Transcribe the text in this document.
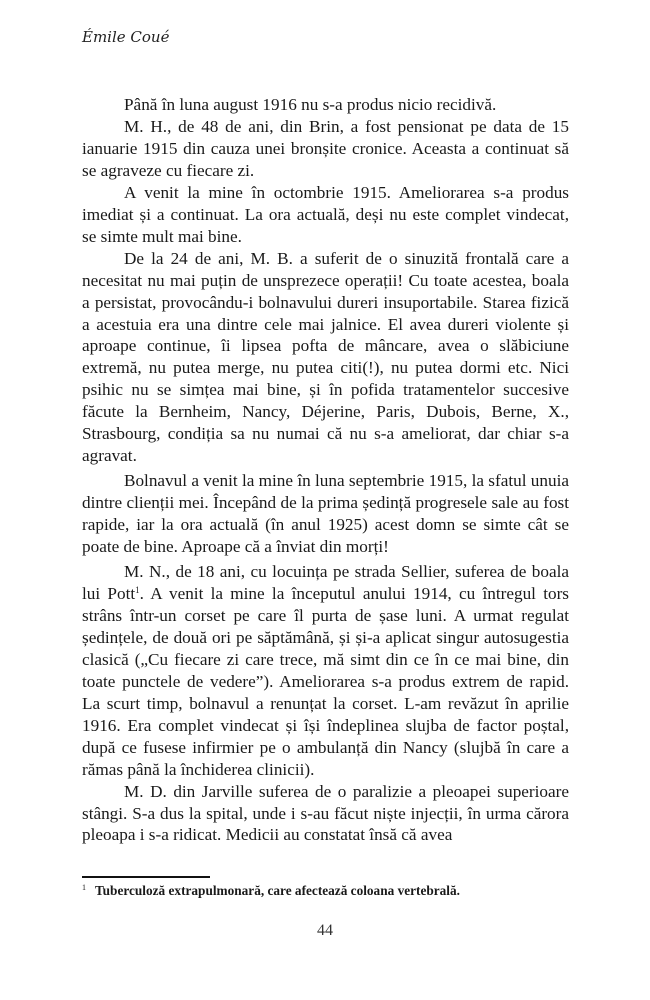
Émile Coué

Până în luna august 1916 nu s-a produs nicio recidivă.

M. H., de 48 de ani, din Brin, a fost pensionat pe data de 15 ianuarie 1915 din cauza unei bronșite cronice. Aceasta a continuat să se agraveze cu fiecare zi.

A venit la mine în octombrie 1915. Ameliorarea s-a produs imediat și a continuat. La ora actuală, deși nu este complet vindecat, se simte mult mai bine.

De la 24 de ani, M. B. a suferit de o sinuzită frontală care a necesitat nu mai puțin de unsprezece operații! Cu toate acestea, boala a persistat, provocându-i bolnavului dureri insuportabile. Starea fizică a acestuia era una dintre cele mai jalnice. El avea dureri violente și aproape continue, îi lipsea pofta de mâncare, avea o slăbiciune extremă, nu putea merge, nu putea citi(!), nu putea dormi etc. Nici psihic nu se simțea mai bine, și în pofida tratamentelor succesive făcute la Bernheim, Nancy, Déjerine, Paris, Dubois, Berne, X., Strasbourg, condiția sa nu numai că nu s-a ameliorat, dar chiar s-a agravat.

Bolnavul a venit la mine în luna septembrie 1915, la sfatul unuia dintre clienții mei. Începând de la prima ședință progresele sale au fost rapide, iar la ora actuală (în anul 1925) acest domn se simte cât se poate de bine. Aproape că a înviat din morți!

M. N., de 18 ani, cu locuința pe strada Sellier, suferea de boala lui Pott$^1$. A venit la mine la începutul anului 1914, cu întregul tors strâns într-un corset pe care îl purta de șase luni. A urmat regulat ședințele, de două ori pe săptămână, și și-a aplicat singur autosugestia clasică („Cu fiecare zi care trece, mă simt din ce în ce mai bine, din toate punctele de vedere”). Ameliorarea s-a produs extrem de rapid. La scurt timp, bolnavul a renunțat la corset. L-am revăzut în aprilie 1916. Era complet vindecat și își îndeplinea slujba de factor poștal, după ce fusese infirmier pe o ambulanță din Nancy (slujbă în care a rămas până la închiderea clinicii).

M. D. din Jarville suferea de o paralizie a pleoapei superioare stângi. S-a dus la spital, unde i s-au făcut niște injecții, în urma cărora pleoapa i s-a ridicat. Medicii au constatat însă că avea

$^1$ Tuberculoză extrapulmonară, care afectează coloana vertebrală.
44
